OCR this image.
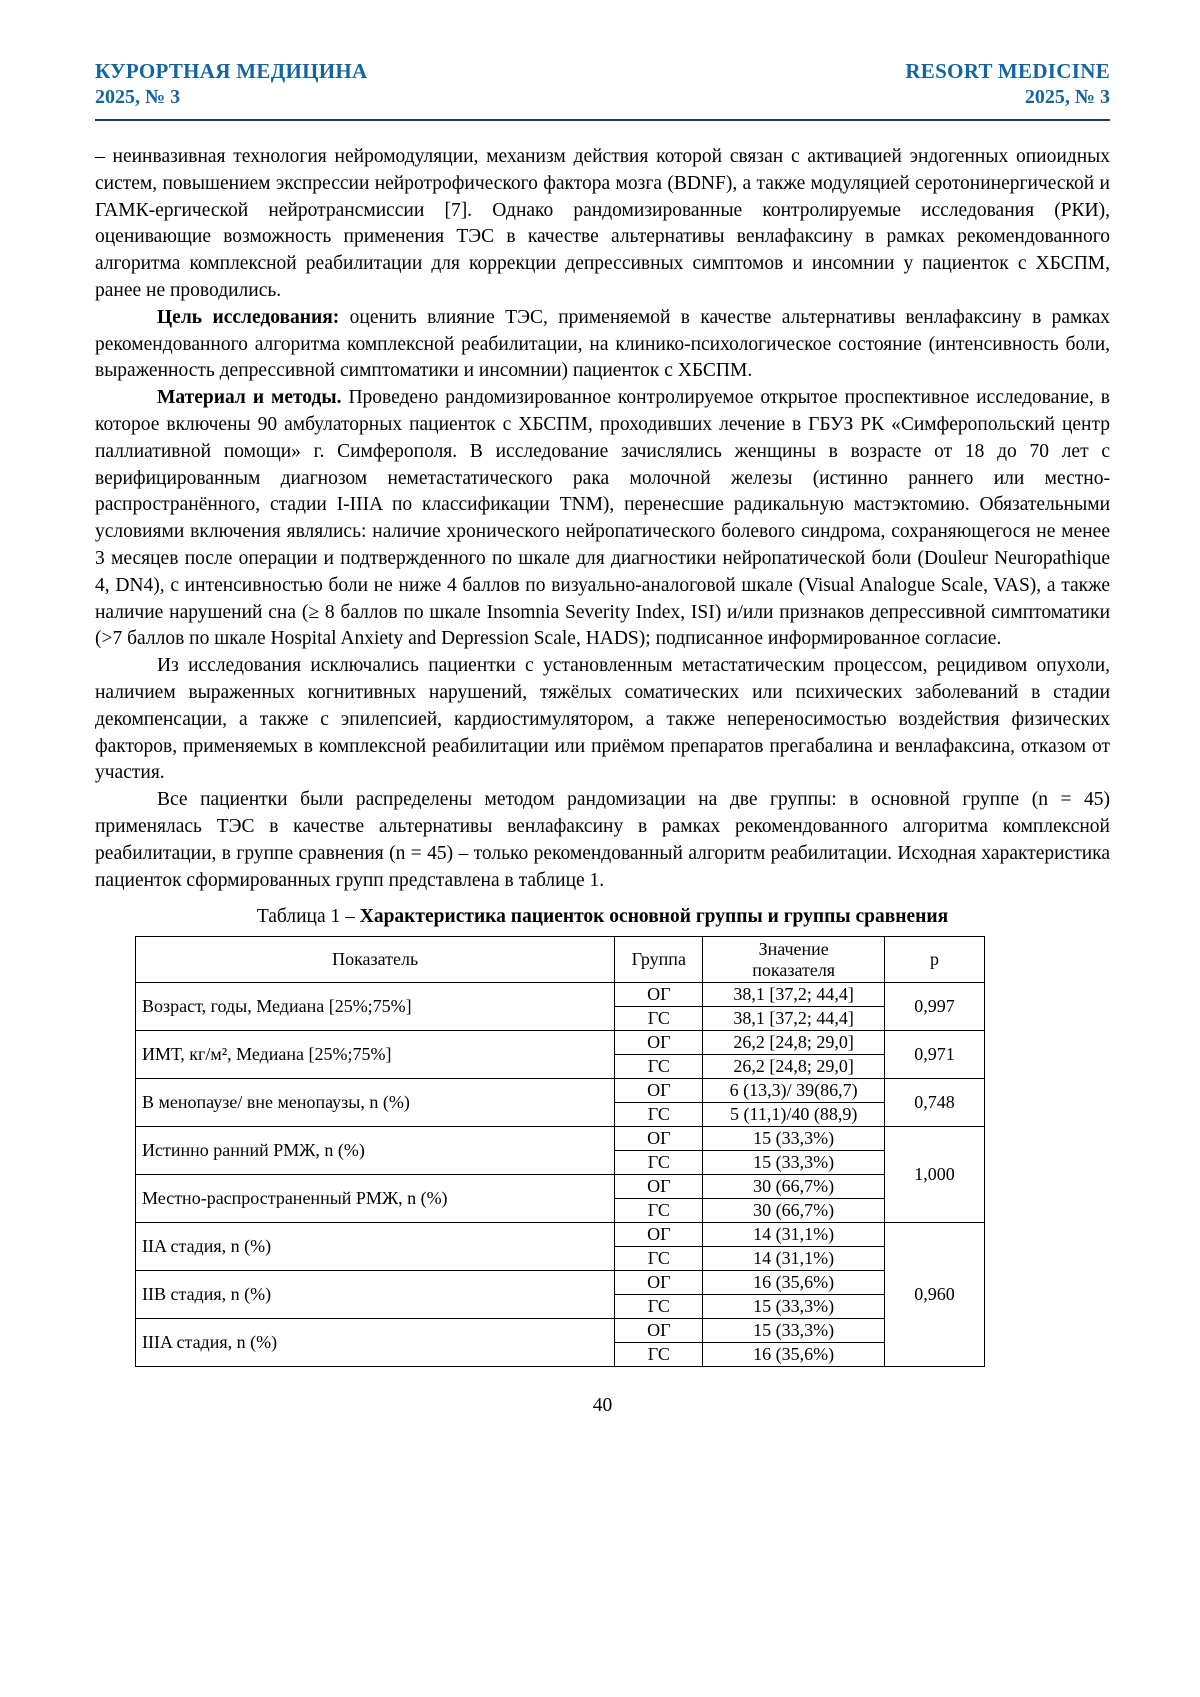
КУРОРТНАЯ МЕДИЦИНА
2025, № 3
RESORT MEDICINE
2025, № 3

– неинвазивная технология нейромодуляции, механизм действия которой связан с активацией эндогенных опиоидных систем, повышением экспрессии нейротрофического фактора мозга (BDNF), а также модуляцией серотонинергической и ГАМК-ергической нейротрансмиссии [7]. Однако рандомизированные контролируемые исследования (РКИ), оценивающие возможность применения ТЭС в качестве альтернативы венлафаксину в рамках рекомендованного алгоритма комплексной реабилитации для коррекции депрессивных симптомов и инсомнии у пациенток с ХБСПМ, ранее не проводились.

Цель исследования: оценить влияние ТЭС, применяемой в качестве альтернативы венлафаксину в рамках рекомендованного алгоритма комплексной реабилитации, на клинико-психологическое состояние (интенсивность боли, выраженность депрессивной симптоматики и инсомнии) пациенток с ХБСПМ.

Материал и методы. Проведено рандомизированное контролируемое открытое проспективное исследование, в которое включены 90 амбулаторных пациенток с ХБСПМ, проходивших лечение в ГБУЗ РК «Симферопольский центр паллиативной помощи» г. Симферополя. В исследование зачислялись женщины в возрасте от 18 до 70 лет с верифицированным диагнозом неметастатического рака молочной железы (истинно раннего или местно-распространённого, стадии I-IIIA по классификации TNM), перенесшие радикальную мастэктомию. Обязательными условиями включения являлись: наличие хронического нейропатического болевого синдрома, сохраняющегося не менее 3 месяцев после операции и подтвержденного по шкале для диагностики нейропатической боли (Douleur Neuropathique 4, DN4), с интенсивностью боли не ниже 4 баллов по визуально-аналоговой шкале (Visual Analogue Scale, VAS), а также наличие нарушений сна (≥ 8 баллов по шкале Insomnia Severity Index, ISI) и/или признаков депрессивной симптоматики (>7 баллов по шкале Hospital Anxiety and Depression Scale, HADS); подписанное информированное согласие.

Из исследования исключались пациентки с установленным метастатическим процессом, рецидивом опухоли, наличием выраженных когнитивных нарушений, тяжёлых соматических или психических заболеваний в стадии декомпенсации, а также с эпилепсией, кардиостимулятором, а также непереносимостью воздействия физических факторов, применяемых в комплексной реабилитации или приёмом препаратов прегабалина и венлафаксина, отказом от участия.

Все пациентки были распределены методом рандомизации на две группы: в основной группе (n = 45) применялась ТЭС в качестве альтернативы венлафаксину в рамках рекомендованного алгоритма комплексной реабилитации, в группе сравнения (n = 45) – только рекомендованный алгоритм реабилитации. Исходная характеристика пациенток сформированных групп представлена в таблице 1.

Таблица 1 – Характеристика пациенток основной группы и группы сравнения
Показатель	Группа	Значение
показателя	p
Возраст, годы, Медиана [25%;75%]	ОГ	38,1 [37,2; 44,4]	0,997
	ГС	38,1 [37,2; 44,4]	
ИМТ, кг/м², Медиана [25%;75%]	ОГ	26,2 [24,8; 29,0]	0,971
	ГС	26,2 [24,8; 29,0]	
В менопаузе/ вне менопаузы, n (%)	ОГ	6 (13,3)/ 39(86,7)	0,748
	ГС	5 (11,1)/40 (88,9)	
Истинно ранний РМЖ, n (%)	ОГ	15 (33,3%)	1,000
	ГС	15 (33,3%)	
Местно-распространенный РМЖ, n (%)	ОГ	30 (66,7%)	
	ГС	30 (66,7%)	
IIA стадия, n (%)	ОГ	14 (31,1%)	0,960
	ГС	14 (31,1%)	
IIB стадия, n (%)	ОГ	16 (35,6%)	
	ГС	15 (33,3%)	
IIIA стадия, n (%)	ОГ	15 (33,3%)	
	ГС	16 (35,6%)	
40
